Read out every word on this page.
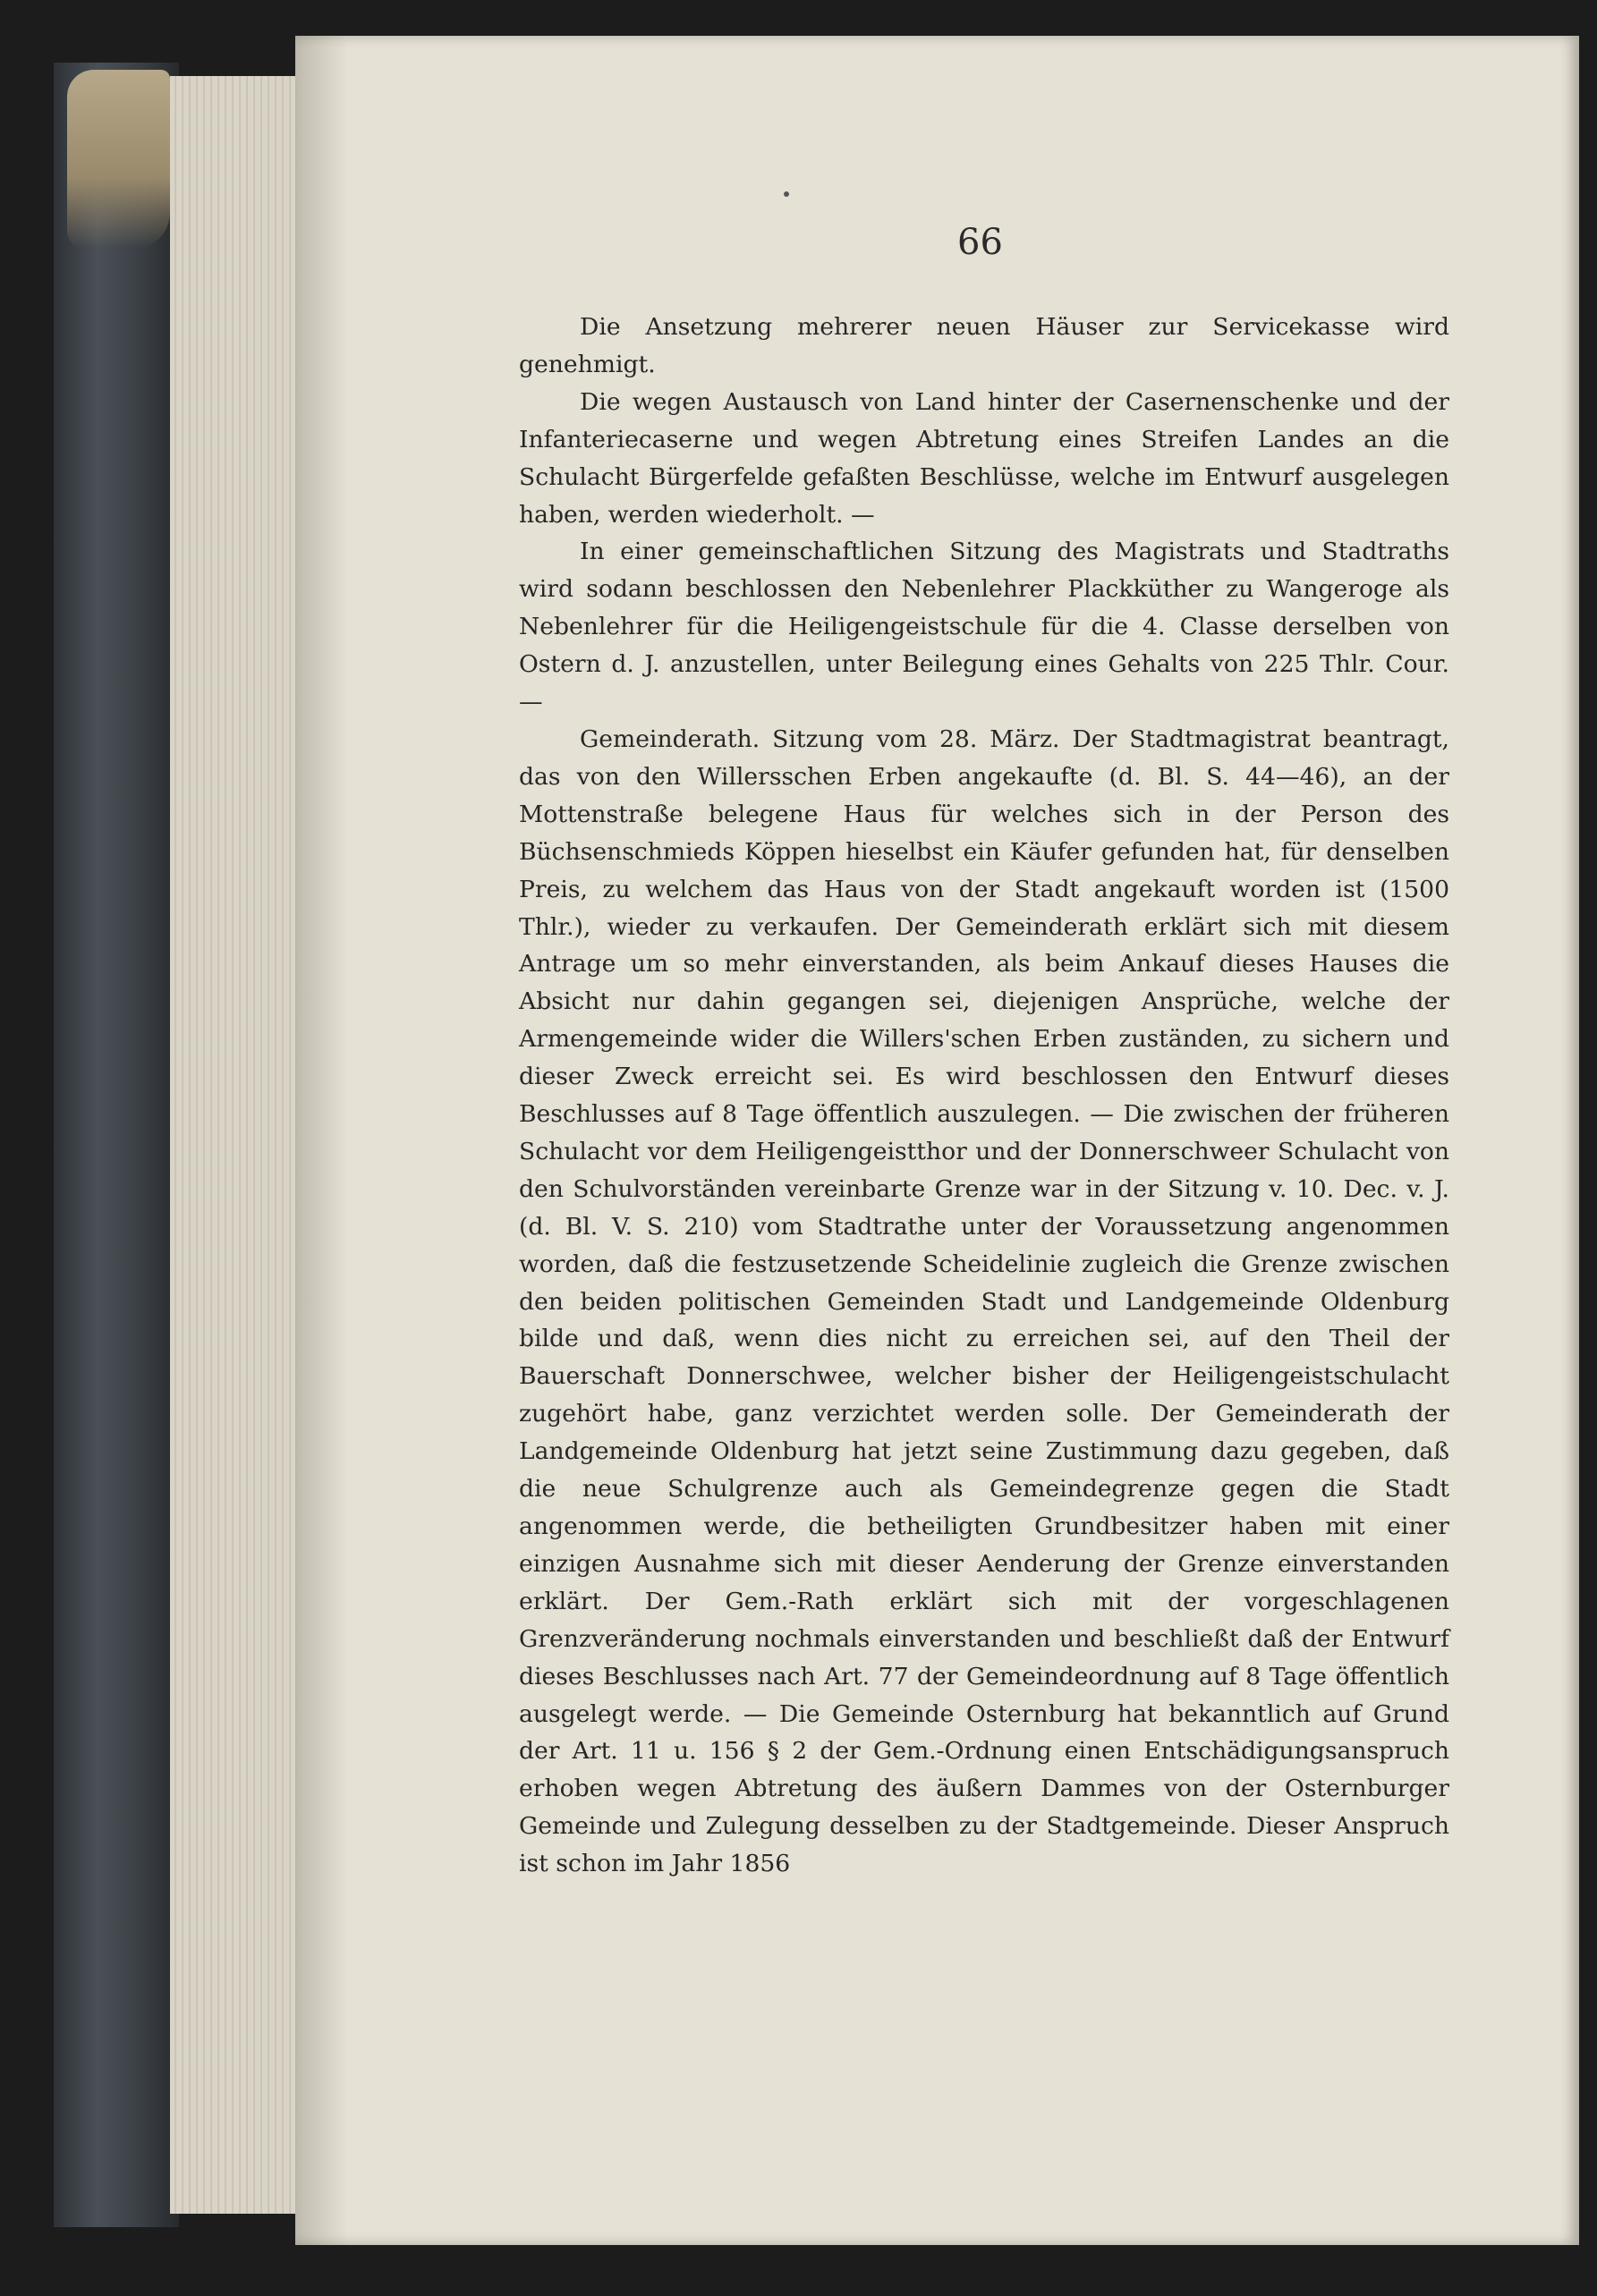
66

Die Ansetzung mehrerer neuen Häuser zur Servicekasse wird genehmigt.

Die wegen Austausch von Land hinter der Casernenschenke und der Infanteriecaserne und wegen Abtretung eines Streifen Landes an die Schulacht Bürgerfelde gefaßten Beschlüsse, welche im Entwurf ausgelegen haben, werden wiederholt. —

In einer gemeinschaftlichen Sitzung des Magistrats und Stadtraths wird sodann beschlossen den Nebenlehrer Plackküther zu Wangeroge als Nebenlehrer für die Heiligengeistschule für die 4. Classe derselben von Ostern d. J. anzustellen, unter Beilegung eines Gehalts von 225 Thlr. Cour. —

Gemeinderath. Sitzung vom 28. März. Der Stadtmagistrat beantragt, das von den Willersschen Erben angekaufte (d. Bl. S. 44—46), an der Mottenstraße belegene Haus für welches sich in der Person des Büchsenschmieds Köppen hieselbst ein Käufer gefunden hat, für denselben Preis, zu welchem das Haus von der Stadt angekauft worden ist (1500 Thlr.), wieder zu verkaufen. Der Gemeinderath erklärt sich mit diesem Antrage um so mehr einverstanden, als beim Ankauf dieses Hauses die Absicht nur dahin gegangen sei, diejenigen Ansprüche, welche der Armengemeinde wider die Willers'schen Erben zuständen, zu sichern und dieser Zweck erreicht sei. Es wird beschlossen den Entwurf dieses Beschlusses auf 8 Tage öffentlich auszulegen. — Die zwischen der früheren Schulacht vor dem Heiligengeistthor und der Donnerschweer Schulacht von den Schulvorständen vereinbarte Grenze war in der Sitzung v. 10. Dec. v. J. (d. Bl. V. S. 210) vom Stadtrathe unter der Voraussetzung angenommen worden, daß die festzusetzende Scheidelinie zugleich die Grenze zwischen den beiden politischen Gemeinden Stadt und Landgemeinde Oldenburg bilde und daß, wenn dies nicht zu erreichen sei, auf den Theil der Bauerschaft Donnerschwee, welcher bisher der Heiligengeistschulacht zugehört habe, ganz verzichtet werden solle. Der Gemeinderath der Landgemeinde Oldenburg hat jetzt seine Zustimmung dazu gegeben, daß die neue Schulgrenze auch als Gemeindegrenze gegen die Stadt angenommen werde, die betheiligten Grundbesitzer haben mit einer einzigen Ausnahme sich mit dieser Aenderung der Grenze einverstanden erklärt. Der Gem.-Rath erklärt sich mit der vorgeschlagenen Grenzveränderung nochmals einverstanden und beschließt daß der Entwurf dieses Beschlusses nach Art. 77 der Gemeindeordnung auf 8 Tage öffentlich ausgelegt werde. — Die Gemeinde Osternburg hat bekanntlich auf Grund der Art. 11 u. 156 § 2 der Gem.-Ordnung einen Entschädigungsanspruch erhoben wegen Abtretung des äußern Dammes von der Osternburger Gemeinde und Zulegung desselben zu der Stadtgemeinde. Dieser Anspruch ist schon im Jahr 1856
